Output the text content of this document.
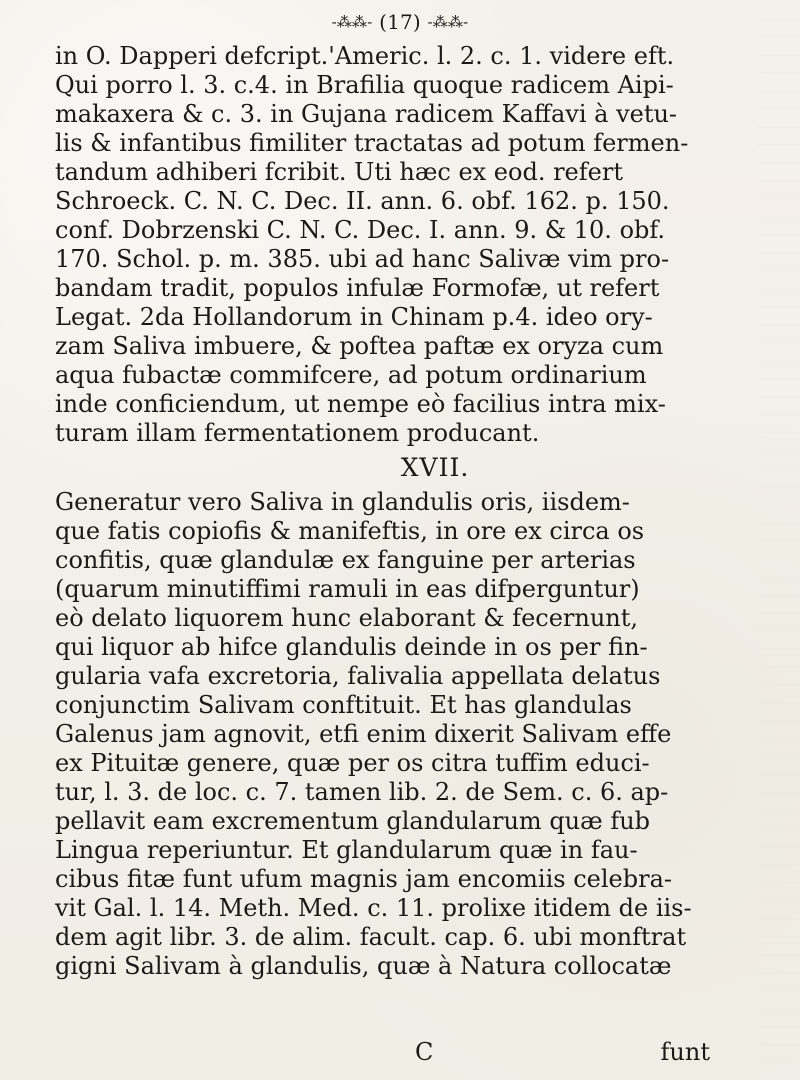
-⁂⁂- (17) -⁂⁂-
in O. Dapperi defcript.'Americ. l. 2. c. 1. videre eft.
Qui porro l. 3. c.4. in Brafilia quoque radicem Aipi-
makaxera & c. 3. in Gujana radicem Kaffavi à vetu-
lis & infantibus fimiliter tractatas ad potum fermen-
tandum adhiberi fcribit. Uti hæc ex eod. refert
Schroeck. C. N. C. Dec. II. ann. 6. obf. 162. p. 150.
conf. Dobrzenski C. N. C. Dec. I. ann. 9. & 10. obf.
170. Schol. p. m. 385. ubi ad hanc Salivæ vim pro-
bandam tradit, populos infulæ Formofæ, ut refert
Legat. 2da Hollandorum in Chinam p.4. ideo ory-
zam Saliva imbuere, & poftea paftæ ex oryza cum
aqua fubactæ commifcere, ad potum ordinarium
inde conficiendum, ut nempe eò facilius intra mix-
turam illam fermentationem producant.
XVII.
Generatur vero Saliva in glandulis oris, iisdem-
que fatis copiofis & manifeftis, in ore ex circa os
confitis, quæ glandulæ ex fanguine per arterias
(quarum minutiffimi ramuli in eas difperguntur)
eò delato liquorem hunc elaborant & fecernunt,
qui liquor ab hifce glandulis deinde in os per fin-
gularia vafa excretoria, falivalia appellata delatus
conjunctim Salivam conftituit. Et has glandulas
Galenus jam agnovit, etfi enim dixerit Salivam effe
ex Pituitæ genere, quæ per os citra tuffim educi-
tur, l. 3. de loc. c. 7. tamen lib. 2. de Sem. c. 6. ap-
pellavit eam excrementum glandularum quæ fub
Lingua reperiuntur. Et glandularum quæ in fau-
cibus fitæ funt ufum magnis jam encomiis celebra-
vit Gal. l. 14. Meth. Med. c. 11. prolixe itidem de iis-
dem agit libr. 3. de alim. facult. cap. 6. ubi monftrat
gigni Salivam à glandulis, quæ à Natura collocatæ
C	funt
